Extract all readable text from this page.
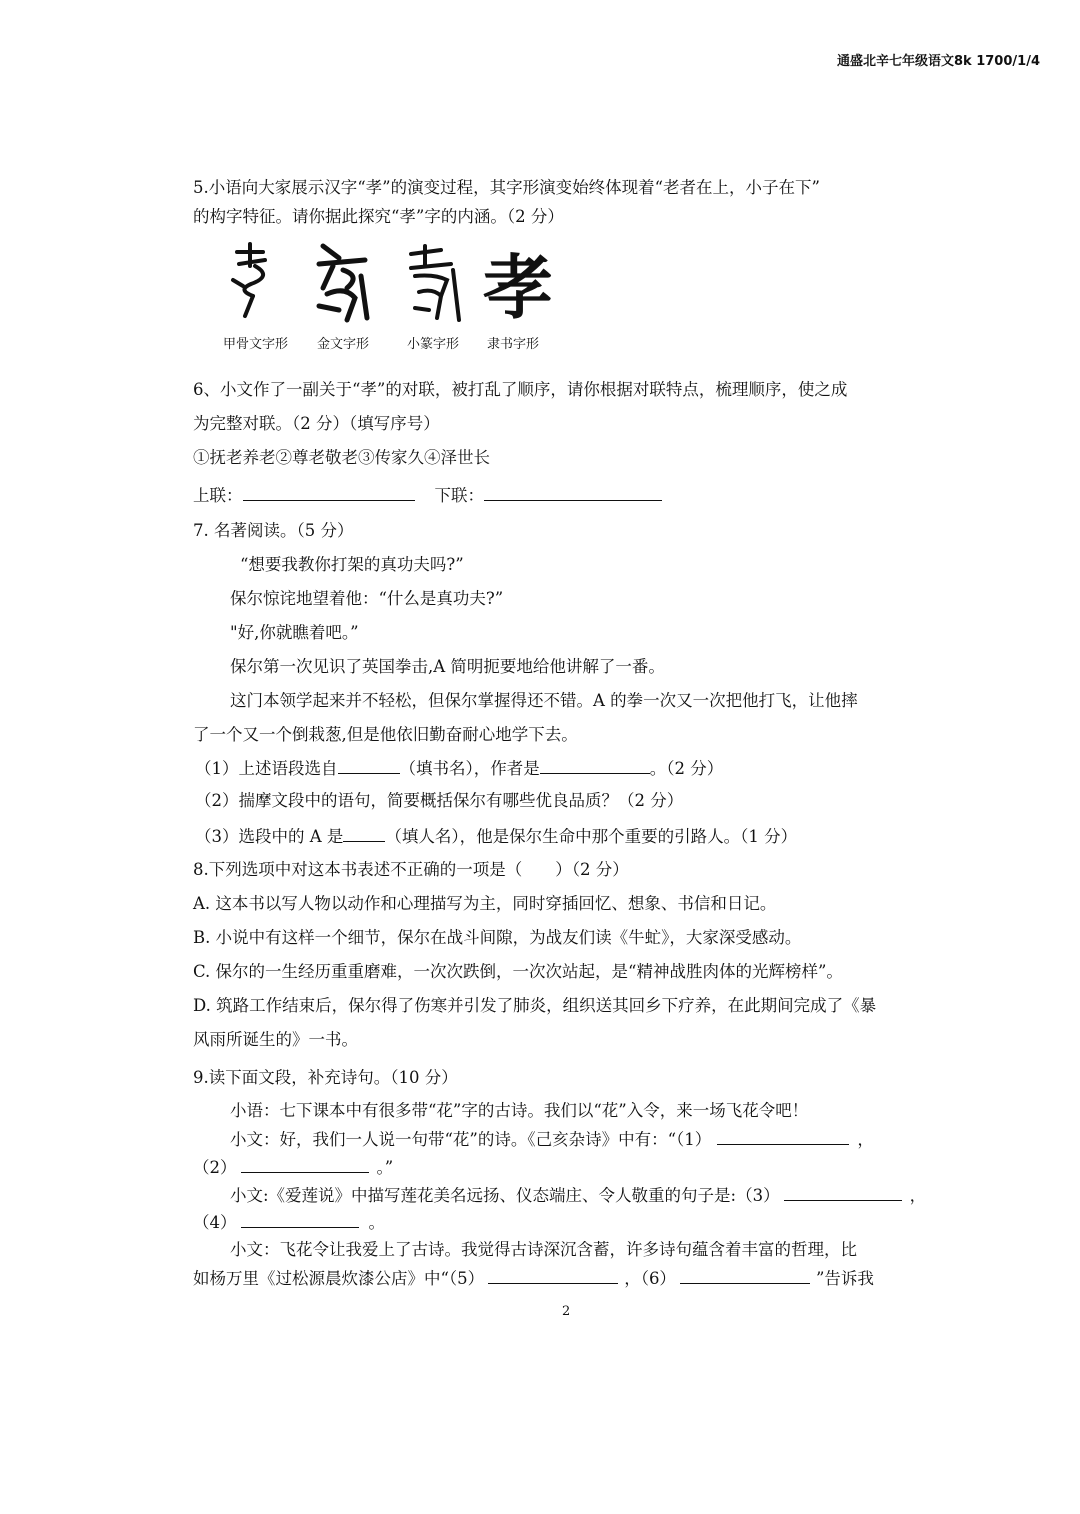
通盛北辛七年级语文8k 1700/1/4
5.小语向大家展示汉字“孝”的演变过程，其字形演变始终体现着“老者在上，小子在下”
的构字特征。请你据此探究“孝”字的内涵。（2 分）
孝
甲骨文字形 金文字形	小篆字形 隶书字形
6、小文作了一副关于“孝”的对联，被打乱了顺序，请你根据对联特点，梳理顺序，使之成
为完整对联。（2 分）（填写序号）
①抚老养老②尊老敬老③传家久④泽世长
上联：	下联：
7. 名著阅读。（5 分）
“想要我教你打架的真功夫吗?”
保尔惊诧地望着他：“什么是真功夫?”
"好,你就瞧着吧。”
保尔第一次见识了英国拳击,A 简明扼要地给他讲解了一番。
这门本领学起来并不轻松，但保尔掌握得还不错。A 的拳一次又一次把他打飞，让他摔
了一个又一个倒栽葱,但是他依旧勤奋耐心地学下去。
（1）上述语段选自	（填书名），作者是	。（2 分）
（2）揣摩文段中的语句，简要概括保尔有哪些优良品质？（2 分）
（3）选段中的 A 是	（填人名），他是保尔生命中那个重要的引路人。（1 分）
8.下列选项中对这本书表述不正确的一项是（　　）（2 分）
A. 这本书以写人物以动作和心理描写为主，同时穿插回忆、想象、书信和日记。
B. 小说中有这样一个细节，保尔在战斗间隙，为战友们读《牛虻》，大家深受感动。
C. 保尔的一生经历重重磨难，一次次跌倒，一次次站起，是“精神战胜肉体的光辉榜样”。
D. 筑路工作结束后，保尔得了伤寒并引发了肺炎，组织送其回乡下疗养，在此期间完成了《暴
风雨所诞生的》一书。
9.读下面文段，补充诗句。（10 分）
小语：七下课本中有很多带“花”字的古诗。我们以“花”入令，来一场飞花令吧！
小文：好，我们一人说一句带“花”的诗。《己亥杂诗》中有：“（1）	，
（2）	。”
小文:《爱莲说》中描写莲花美名远扬、仪态端庄、令人敬重的句子是:（3）	，
（4）	。
小文：飞花令让我爱上了古诗。我觉得古诗深沉含蓄，许多诗句蕴含着丰富的哲理，比
如杨万里《过松源晨炊漆公店》中“（5）	，（6）	”告诉我
2
